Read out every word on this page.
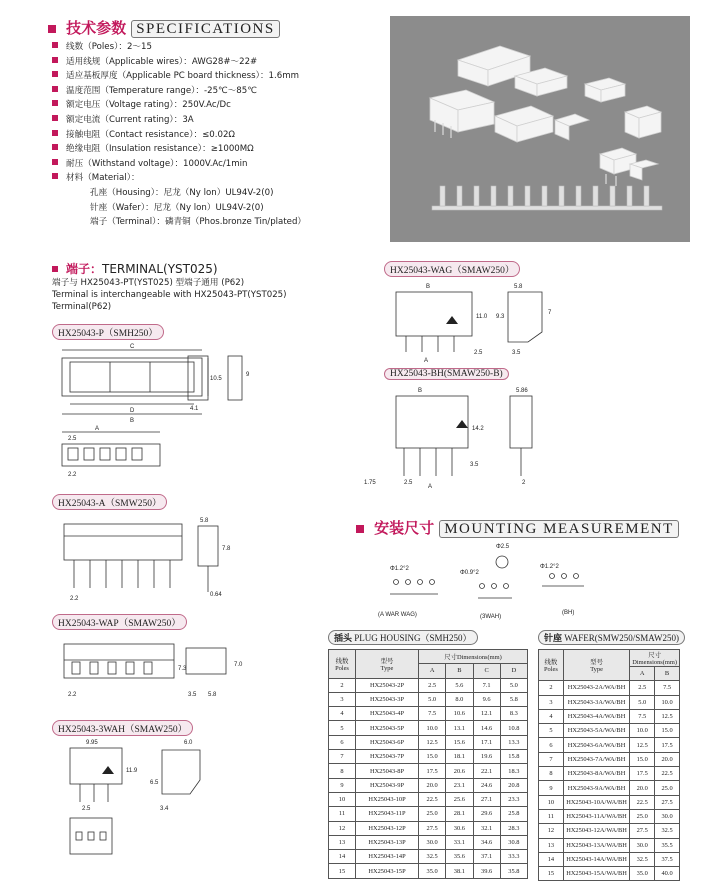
技术参数 SPECIFICATIONS
线数（Poles）：2～15
适用线规（Applicable wires）：AWG28#～22#
适应基板厚度（Applicable PC board thickness）：1.6mm
温度范围（Temperature range）：-25℃～85℃
额定电压（Voltage rating）：250V.Ac/Dc
额定电流（Current rating）：3A
接触电阻（Contact resistance）：≤0.02Ω
绝缘电阻（Insulation resistance）：≥1000MΩ
耐压（Withstand voltage）：1000V.Ac/1min
材料（Material）：
孔座（Housing）：尼龙（Ny lon）UL94V-2(0)
针座（Wafer）：尼龙（Ny lon）UL94V-2(0)
端子（Terminal）：磷青铜（Phos.bronze Tin/plated）
端子：TERMINAL(YST025)
端子与 HX25043-PT(YST025) 型端子通用 (P62)
Terminal is interchangeable with HX25043-PT(YST025)
Terminal(P62)
HX25043-P（SMH250）
C
10.5
D
B
9
4.1
A
2.5
2.2
HX25043-A（SMW250）
2.2
5.8
7.8
0.64
HX25043-WAP（SMAW250）
2.2
7.3
7.0
3.5 5.8
HX25043-3WAH（SMAW250）
9.95
11.9
2.5
6.0
6.5
3.4
HX25043-WAG（SMAW250）
B
11.0
A
2.5
5.8
9.3
7
3.5
HX25043-BH(SMAW250-B)
B
14.2
3.5
1.75	2.5
A
5.86
2
安装尺寸 MOUNTING MEASUREMENT
Φ1.2°2
(A WAR WAG)
Φ2.5
Φ0.9°2
(3WAH)
Φ1.2°2
(BH)
插头 PLUG HOUSING（SMH250）
线数
Poles	型号
Type	尺寸Dimensions(mm)			
		A	B	C	D
2	HX25043-2P	2.5	5.6	7.1	5.0
3	HX25043-3P	5.0	8.0	9.6	5.8
4	HX25043-4P	7.5	10.6	12.1	8.3
5	HX25043-5P	10.0	13.1	14.6	10.8
6	HX25043-6P	12.5	15.6	17.1	13.3
7	HX25043-7P	15.0	18.1	19.6	15.8
8	HX25043-8P	17.5	20.6	22.1	18.3
9	HX25043-9P	20.0	23.1	24.6	20.8
10	HX25043-10P	22.5	25.6	27.1	23.3
11	HX25043-11P	25.0	28.1	29.6	25.8
12	HX25043-12P	27.5	30.6	32.1	28.3
13	HX25043-13P	30.0	33.1	34.6	30.8
14	HX25043-14P	32.5	35.6	37.1	33.3
15	HX25043-15P	35.0	38.1	39.6	35.8
针座 WAFER(SMW250/SMAW250)
线数
Poles	型号
Type	尺寸Dimensions(mm)	
		A	B
2	HX25043-2A/WA/BH	2.5	7.5
3	HX25043-3A/WA/BH	5.0	10.0
4	HX25043-4A/WA/BH	7.5	12.5
5	HX25043-5A/WA/BH	10.0	15.0
6	HX25043-6A/WA/BH	12.5	17.5
7	HX25043-7A/WA/BH	15.0	20.0
8	HX25043-8A/WA/BH	17.5	22.5
9	HX25043-9A/WA/BH	20.0	25.0
10	HX25043-10A/WA/BH	22.5	27.5
11	HX25043-11A/WA/BH	25.0	30.0
12	HX25043-12A/WA/BH	27.5	32.5
13	HX25043-13A/WA/BH	30.0	35.5
14	HX25043-14A/WA/BH	32.5	37.5
15	HX25043-15A/WA/BH	35.0	40.0
